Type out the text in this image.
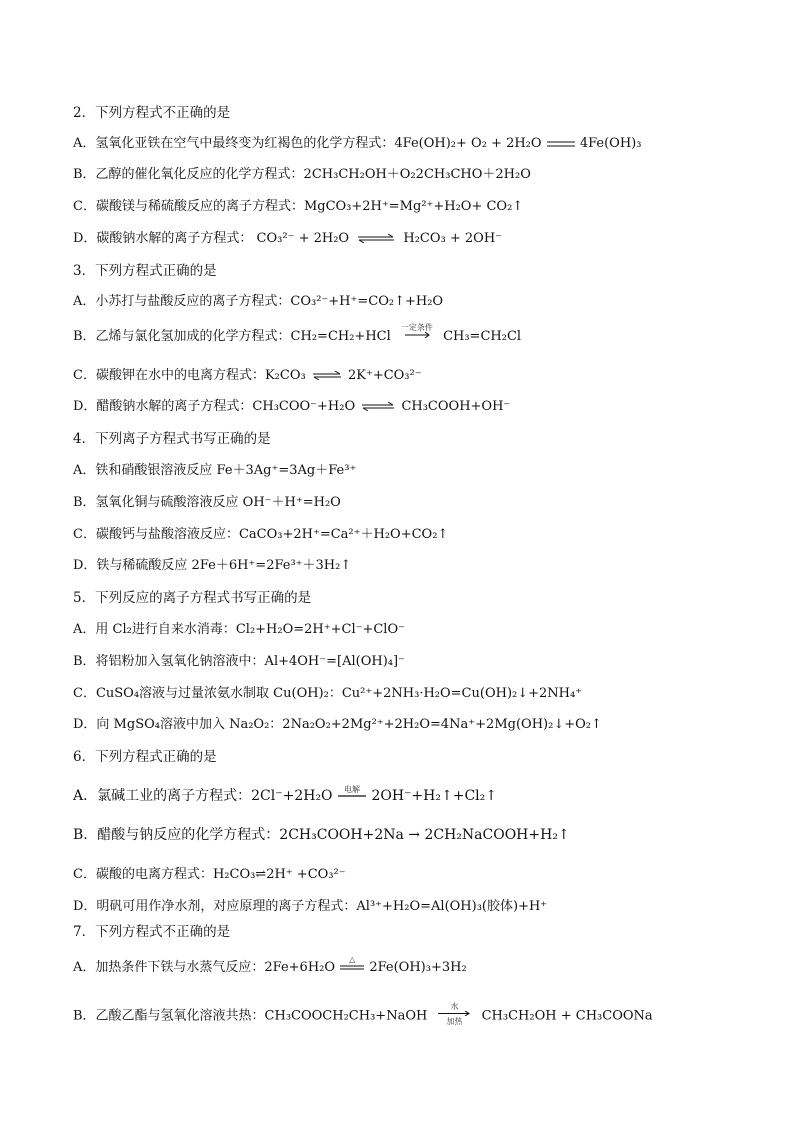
2．下列方程式不正确的是
A．氢氧化亚铁在空气中最终变为红褐色的化学方程式：4Fe(OH)₂+ O₂ + 2H₂O	4Fe(OH)₃
B．乙醇的催化氧化反应的化学方程式：2CH₃CH₂OH＋O₂2CH₃CHO＋2H₂O
C．碳酸镁与稀硫酸反应的离子方程式：MgCO₃+2H⁺=Mg²⁺+H₂O+ CO₂↑
D．碳酸钠水解的离子方程式： CO₃²⁻ + 2H₂O ⇌ H₂CO₃ + 2OH⁻
3．下列方程式正确的是
A．小苏打与盐酸反应的离子方程式：CO₃²⁻+H⁺=CO₂↑+H₂O
B．乙烯与氯化氢加成的化学方程式：CH₂=CH₂+HCl
一定条件
CH₃=CH₂Cl
C．碳酸钾在水中的电离方程式：K₂CO₃ ⇌ 2K⁺+CO₃²⁻
D．醋酸钠水解的离子方程式：CH₃COO⁻+H₂O ⇌ CH₃COOH+OH⁻
4．下列离子方程式书写正确的是
A．铁和硝酸银溶液反应 Fe＋3Ag⁺=3Ag＋Fe³⁺
B．氢氧化铜与硫酸溶液反应 OH⁻＋H⁺=H₂O
C．碳酸钙与盐酸溶液反应：CaCO₃+2H⁺=Ca²⁺＋H₂O+CO₂↑
D．铁与稀硫酸反应 2Fe＋6H⁺=2Fe³⁺＋3H₂↑
5．下列反应的离子方程式书写正确的是
A．用 Cl₂进行自来水消毒：Cl₂+H₂O=2H⁺+Cl⁻+ClO⁻
B．将铝粉加入氢氧化钠溶液中：Al+4OH⁻=[Al(OH)₄]⁻
C．CuSO₄溶液与过量浓氨水制取 Cu(OH)₂：Cu²⁺+2NH₃·H₂O=Cu(OH)₂↓+2NH₄⁺
D．向 MgSO₄溶液中加入 Na₂O₂：2Na₂O₂+2Mg²⁺+2H₂O=4Na⁺+2Mg(OH)₂↓+O₂↑
6．下列方程式正确的是
A．氯碱工业的离子方程式：2Cl⁻+2H₂O	电解 2OH⁻+H₂↑+Cl₂↑
B．醋酸与钠反应的化学方程式：2CH₃COOH+2Na → 2CH₂NaCOOH+H₂↑
C．碳酸的电离方程式：H₂CO₃⇌2H⁺ +CO₃²⁻
D．明矾可用作净水剂，对应原理的离子方程式：Al³⁺+H₂O=Al(OH)₃(胶体)+H⁺
7．下列方程式不正确的是
A．加热条件下铁与水蒸气反应：2Fe+6H₂O
△
2Fe(OH)₃+3H₂
B．乙酸乙酯与氢氧化溶液共热：CH₃COOCH₂CH₃+NaOH
水
加热	CH₃CH₂OH + CH₃COONa
